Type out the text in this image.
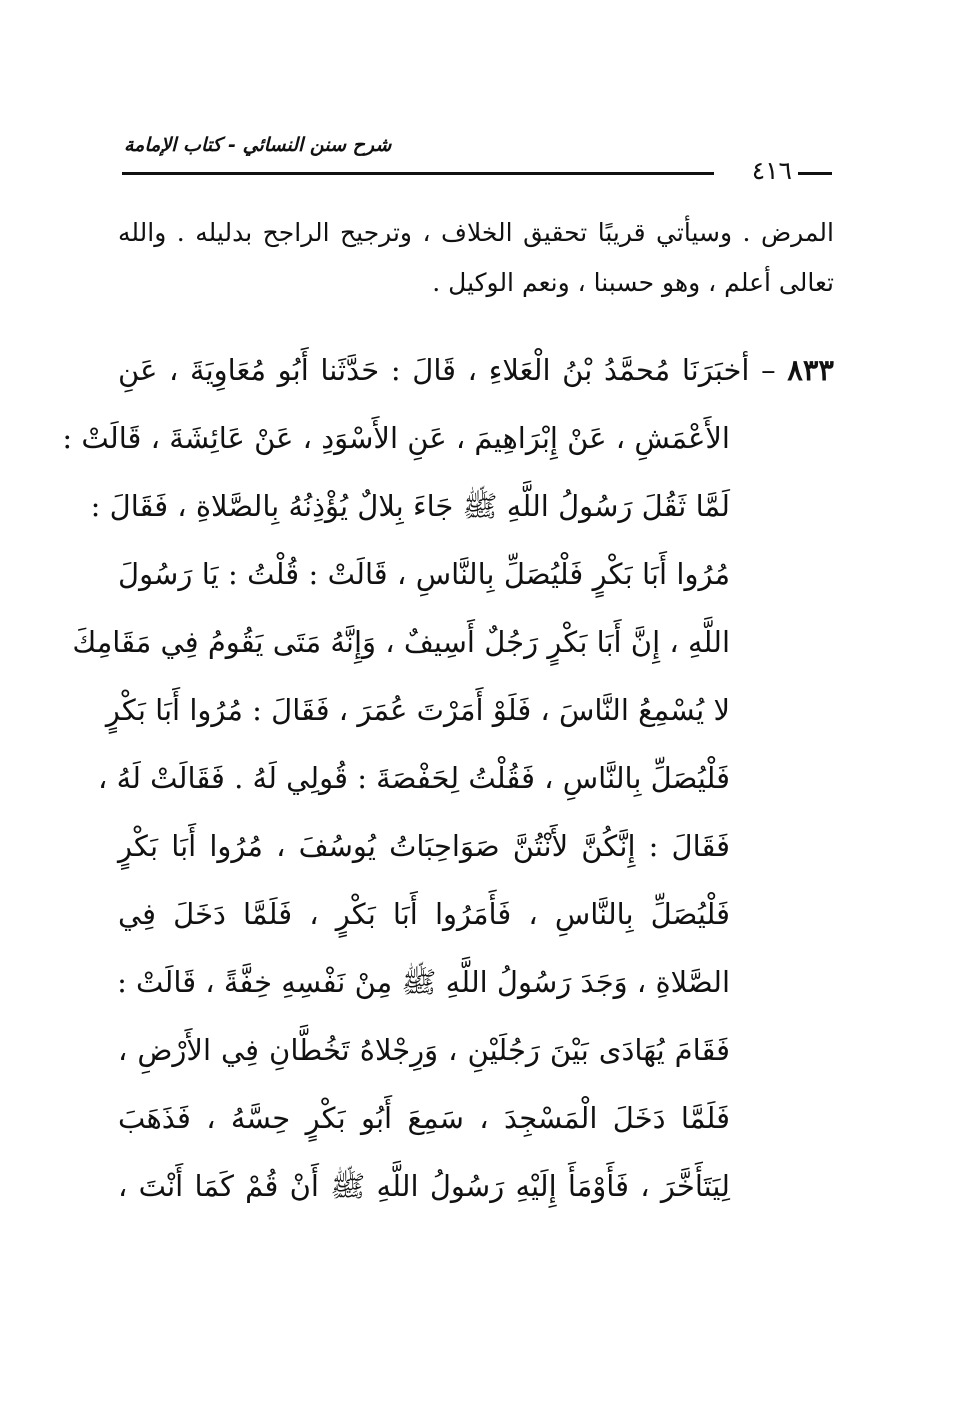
شرح سنن النسائي - كتاب الإمامة
٤١٦
المرض . وسيأتي قريبًا تحقيق الخلاف ، وترجيح الراجح بدليله . والله
تعالى أعلم ، وهو حسبنا ، ونعم الوكيل .
٨٣٣ – أخبَرَنَا مُحمَّدُ بْنُ الْعَلاءِ ، قَالَ : حَدَّثَنا أَبُو مُعَاوِيَةَ ، عَنِ
الأَعْمَشِ ، عَنْ إِبْرَاهِيمَ ، عَنِ الأَسْوَدِ ، عَنْ عَائِشَةَ ، قَالَتْ :
لَمَّا ثَقُلَ رَسُولُ اللَّهِ ﷺ جَاءَ بِلالٌ يُؤْذِنُهُ بِالصَّلاةِ ، فَقَالَ :
مُرُوا أَبَا بَكْرٍ فَلْيُصَلِّ بِالنَّاسِ ، قَالَتْ : قُلْتُ : يَا رَسُولَ
اللَّهِ ، إِنَّ أَبَا بَكْرٍ رَجُلٌ أَسِيفٌ ، وَإِنَّهُ مَتَى يَقُومُ فِي مَقَامِكَ
لا يُسْمِعُ النَّاسَ ، فَلَوْ أَمَرْتَ عُمَرَ ، فَقَالَ : مُرُوا أَبَا بَكْرٍ
فَلْيُصَلِّ بِالنَّاسِ ، فَقُلْتُ لِحَفْصَةَ : قُولِي لَهُ . فَقَالَتْ لَهُ ،
فَقَالَ : إِنَّكُنَّ لأَنْتُنَّ صَوَاحِبَاتُ يُوسُفَ ، مُرُوا أَبَا بَكْرٍ
فَلْيُصَلِّ بِالنَّاسِ ، فَأَمَرُوا أَبَا بَكْرٍ ، فَلَمَّا دَخَلَ فِي
الصَّلاةِ ، وَجَدَ رَسُولُ اللَّهِ ﷺ مِنْ نَفْسِهِ خِفَّةً ، قَالَتْ :
فَقَامَ يُهَادَى بَيْنَ رَجُلَيْنِ ، وَرِجْلاهُ تَخُطَّانِ فِي الأَرْضِ ،
فَلَمَّا دَخَلَ الْمَسْجِدَ ، سَمِعَ أَبُو بَكْرٍ حِسَّهُ ، فَذَهَبَ
لِيَتَأَخَّرَ ، فَأَوْمَأَ إِلَيْهِ رَسُولُ اللَّهِ ﷺ أَنْ قُمْ كَمَا أَنْتَ ،
